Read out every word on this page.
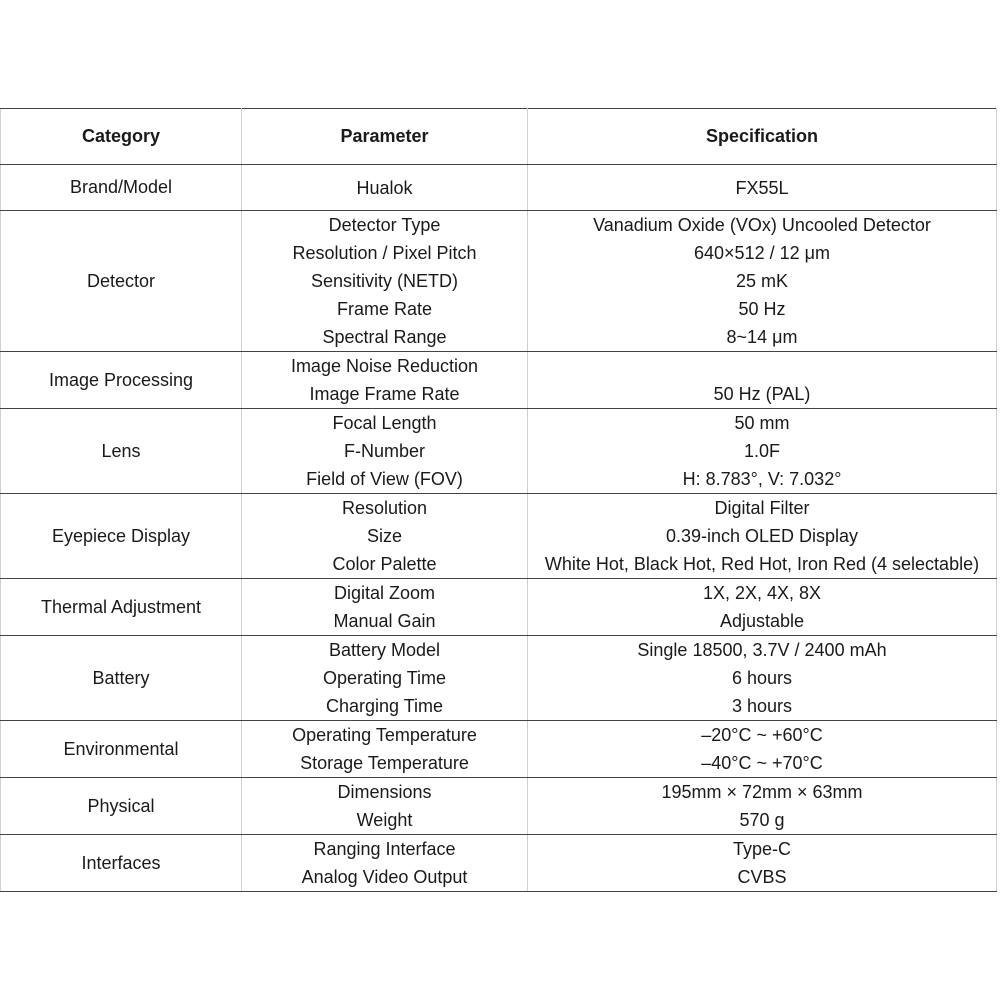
Category	Parameter	Specification
Brand/Model	Hualok	FX55L
Detector	Detector Type	Vanadium Oxide (VOx) Uncooled Detector
	Resolution / Pixel Pitch	640×512 / 12 μm
	Sensitivity (NETD)	25 mK
	Frame Rate	50 Hz
	Spectral Range	8~14 μm
Image Processing	Image Noise Reduction	
	Image Frame Rate	50 Hz (PAL)
Lens	Focal Length	50 mm
	F-Number	1.0F
	Field of View (FOV)	H: 8.783°, V: 7.032°
Eyepiece Display	Resolution	Digital Filter
	Size	0.39-inch OLED Display
	Color Palette	White Hot, Black Hot, Red Hot, Iron Red (4 selectable)
Thermal Adjustment	Digital Zoom	1X, 2X, 4X, 8X
	Manual Gain	Adjustable
Battery	Battery Model	Single 18500, 3.7V / 2400 mAh
	Operating Time	6 hours
	Charging Time	3 hours
Environmental	Operating Temperature	–20°C ~ +60°C
	Storage Temperature	–40°C ~ +70°C
Physical	Dimensions	195mm × 72mm × 63mm
	Weight	570 g
Interfaces	Ranging Interface	Type-C
	Analog Video Output	CVBS
